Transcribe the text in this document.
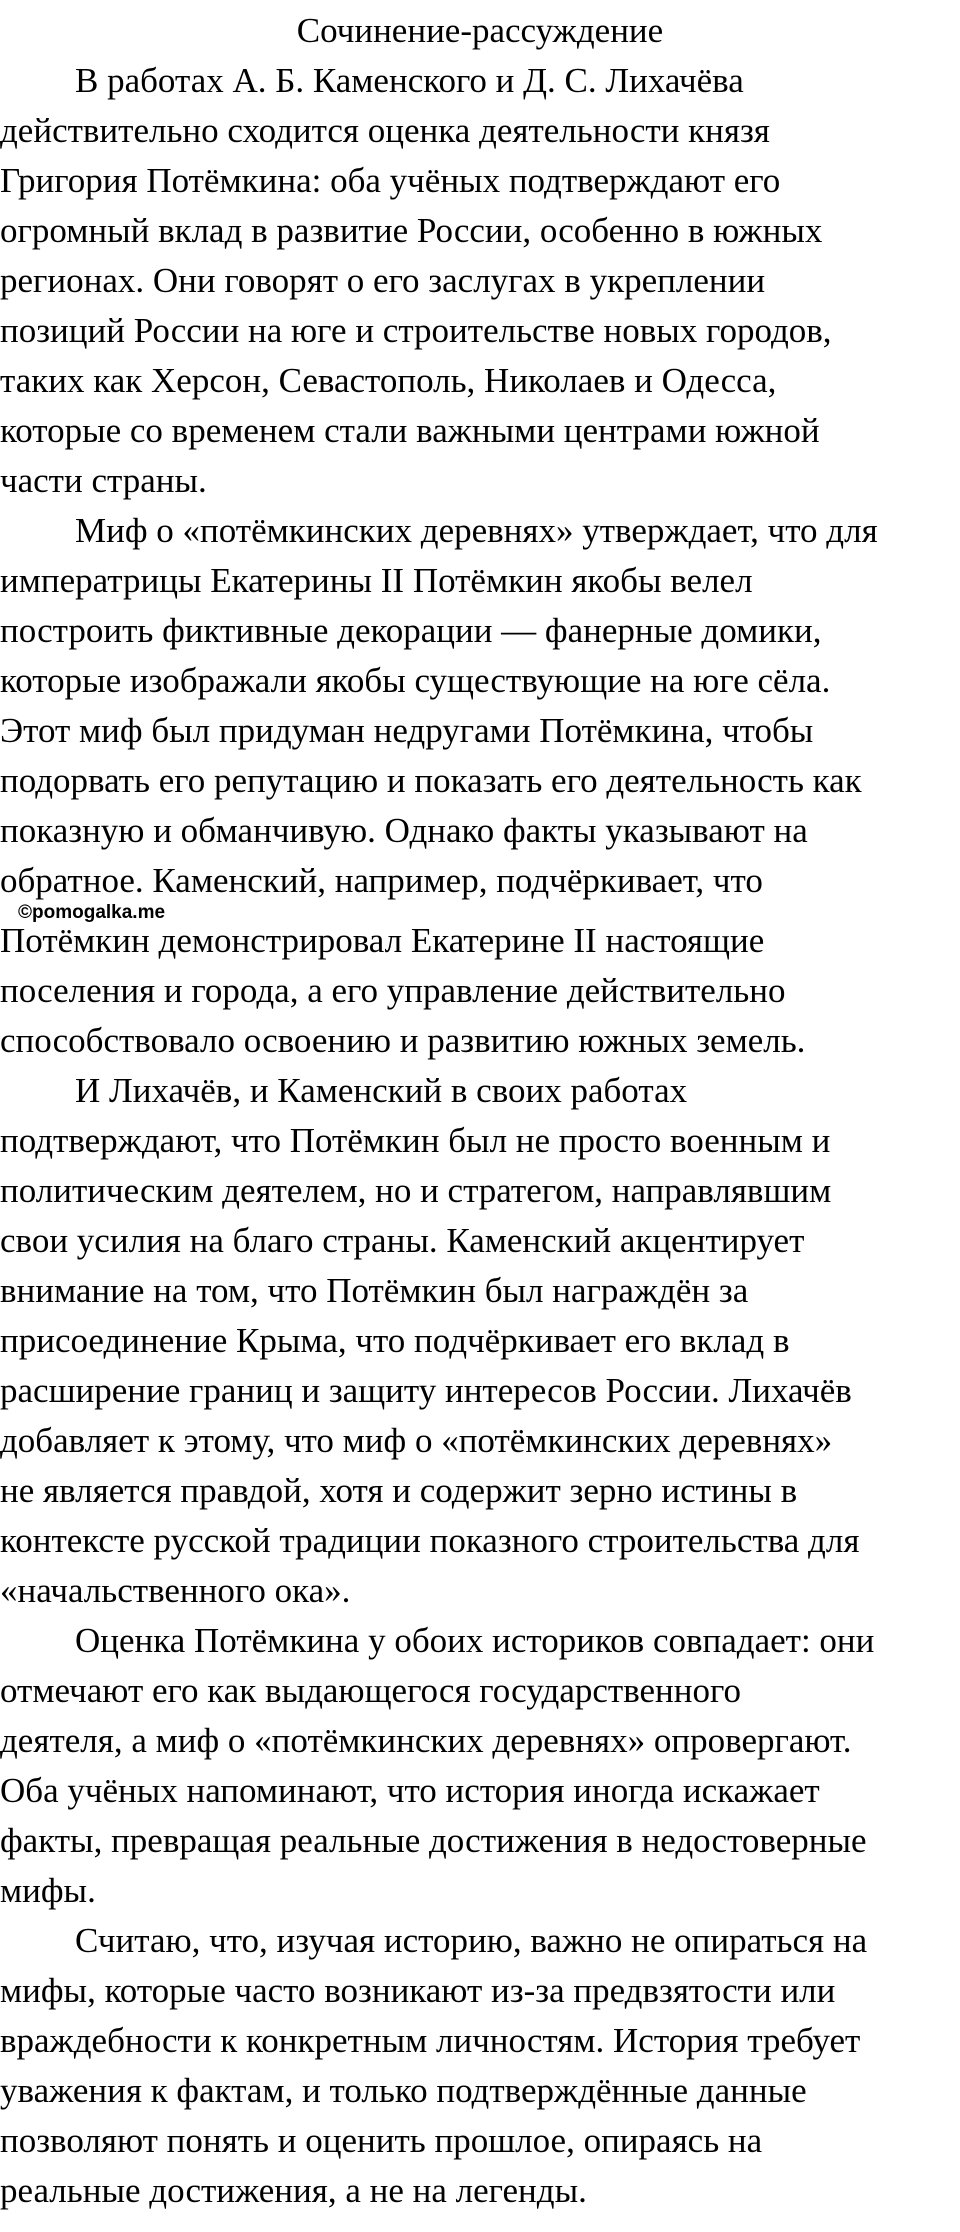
Сочинение-рассуждение
В работах А. Б. Каменского и Д. С. Лихачёва
действительно сходится оценка деятельности князя
Григория Потёмкина: оба учёных подтверждают его
огромный вклад в развитие России, особенно в южных
регионах. Они говорят о его заслугах в укреплении
позиций России на юге и строительстве новых городов,
таких как Херсон, Севастополь, Николаев и Одесса,
которые со временем стали важными центрами южной
части страны.
Миф о «потёмкинских деревнях» утверждает, что для
императрицы Екатерины II Потёмкин якобы велел
построить фиктивные декорации — фанерные домики,
которые изображали якобы существующие на юге сёла.
Этот миф был придуман недругами Потёмкина, чтобы
подорвать его репутацию и показать его деятельность как
показную и обманчивую. Однако факты указывают на
обратное. Каменский, например, подчёркивает, что
©pomogalka.me
Потёмкин демонстрировал Екатерине II настоящие
поселения и города, а его управление действительно
способствовало освоению и развитию южных земель.
И Лихачёв, и Каменский в своих работах
подтверждают, что Потёмкин был не просто военным и
политическим деятелем, но и стратегом, направлявшим
свои усилия на благо страны. Каменский акцентирует
внимание на том, что Потёмкин был награждён за
присоединение Крыма, что подчёркивает его вклад в
расширение границ и защиту интересов России. Лихачёв
добавляет к этому, что миф о «потёмкинских деревнях»
не является правдой, хотя и содержит зерно истины в
контексте русской традиции показного строительства для
«начальственного ока».
Оценка Потёмкина у обоих историков совпадает: они
отмечают его как выдающегося государственного
деятеля, а миф о «потёмкинских деревнях» опровергают.
Оба учёных напоминают, что история иногда искажает
факты, превращая реальные достижения в недостоверные
мифы.
Считаю, что, изучая историю, важно не опираться на
мифы, которые часто возникают из-за предвзятости или
враждебности к конкретным личностям. История требует
уважения к фактам, и только подтверждённые данные
позволяют понять и оценить прошлое, опираясь на
реальные достижения, а не на легенды.
